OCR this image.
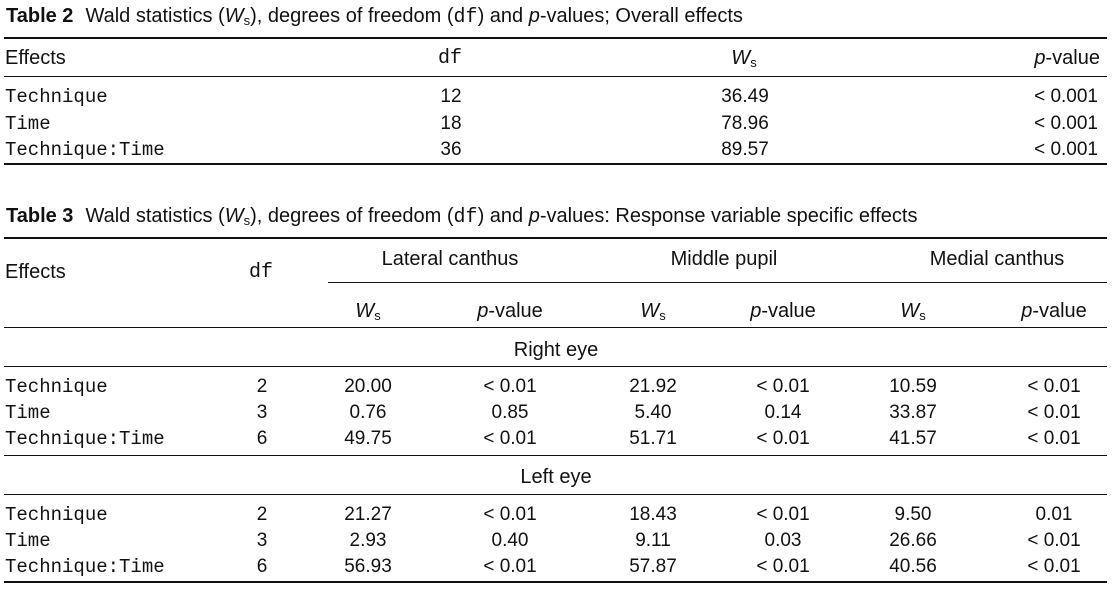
Table 2 Wald statistics $(W_s)$, degrees of freedom (df) and p-values; Overall effects
Effects	df	$W_s$	p-value
Technique	12	36.49	< 0.001
Time	18	78.96	< 0.001
Technique:Time	36	89.57	< 0.001
Table 3 Wald statistics $(W_s)$, degrees of freedom (df) and p-values: Response variable specific effects
Effects	df
Lateral canthus	Middle pupil	Medial canthus
$W_s$	p-value	$W_s$	p-value	$W_s$	p-value
Right eye
Technique	2	20.00	< 0.01	21.92	< 0.01	10.59	< 0.01
Time	3	0.76	0.85	5.40	0.14	33.87	< 0.01
Technique:Time	6	49.75	< 0.01	51.71	< 0.01	41.57	< 0.01
Left eye
Technique	2	21.27	< 0.01	18.43	< 0.01	9.50	0.01
Time	3	2.93	0.40	9.11	0.03	26.66	< 0.01
Technique:Time	6	56.93	< 0.01	57.87	< 0.01	40.56	< 0.01
